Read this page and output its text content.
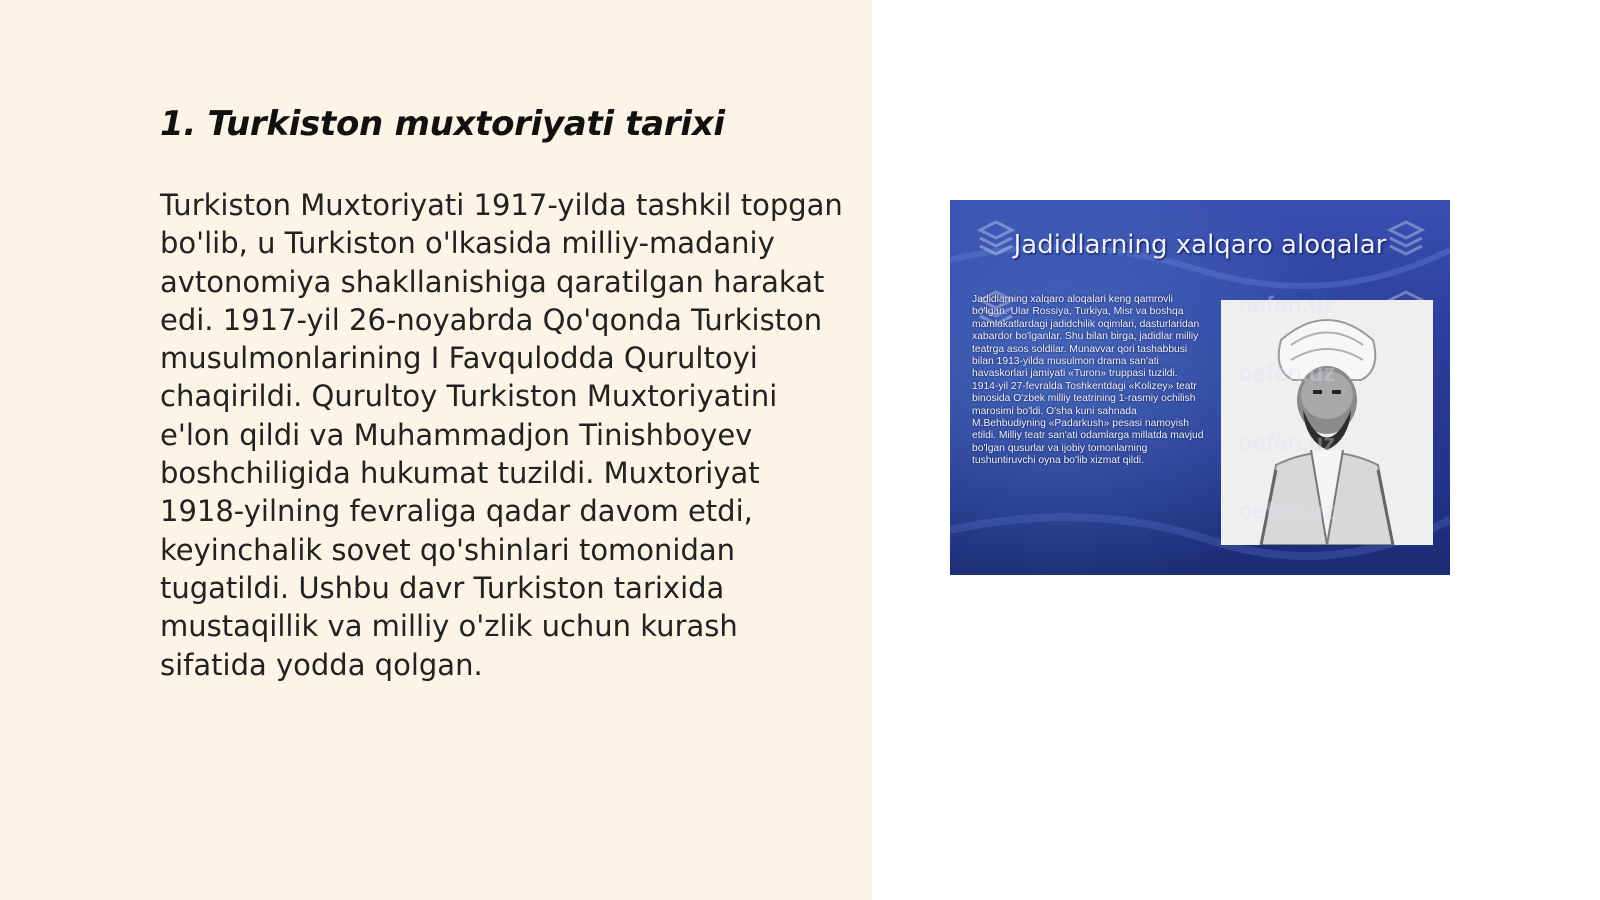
1. Turkiston muxtoriyati tarixi

Turkiston Muxtoriyati 1917-yilda tashkil topgan bo'lib, u Turkiston o'lkasida milliy-madaniy avtonomiya shakllanishiga qaratilgan harakat edi. 1917-yil 26-noyabrda Qo'qonda Turkiston musulmonlarining I Favqulodda Qurultoyi chaqirildi. Qurultoy Turkiston Muxtoriyatini e'lon qildi va Muhammadjon Tinishboyev boshchiligida hukumat tuzildi. Muxtoriyat 1918-yilning fevraliga qadar davom etdi, keyinchalik sovet qo'shinlari tomonidan tugatildi. Ushbu davr Turkiston tarixida mustaqillik va milliy o'zlik uchun kurash sifatida yodda qolgan.

Jadidlarning xalqaro aloqalar
Jadidlarning xalqaro aloqalari keng qamrovli bo'lgan. Ular Rossiya, Turkiya, Misr va boshqa mamlakatlardagi jadidchilik oqimlari, dasturlaridan xabardor bo'lganlar. Shu bilan birga, jadidlar milliy teatrga asos soldilar. Munavvar qori tashabbusi bilan 1913-yilda musulmon drama san'ati havaskorlari jamiyati «Turon» truppasi tuzildi. 1914-yil 27-fevralda Toshkentdagi «Kolizey» teatr binosida O'zbek milliy teatrining 1-rasmiy ochilish marosimi bo'ldi. O'sha kuni sahnada M.Behbudiyning «Padarkush» pesasi namoyish etildi. Milliy teatr san'ati odamlarga millatda mavjud bo'lgan qusurlar va ijobiy tomonlarning tushuntiruvchi oyna bo'lib xizmat qildi.
oefen.uz
oefen.uz
oefen.uz
oefen.uz
